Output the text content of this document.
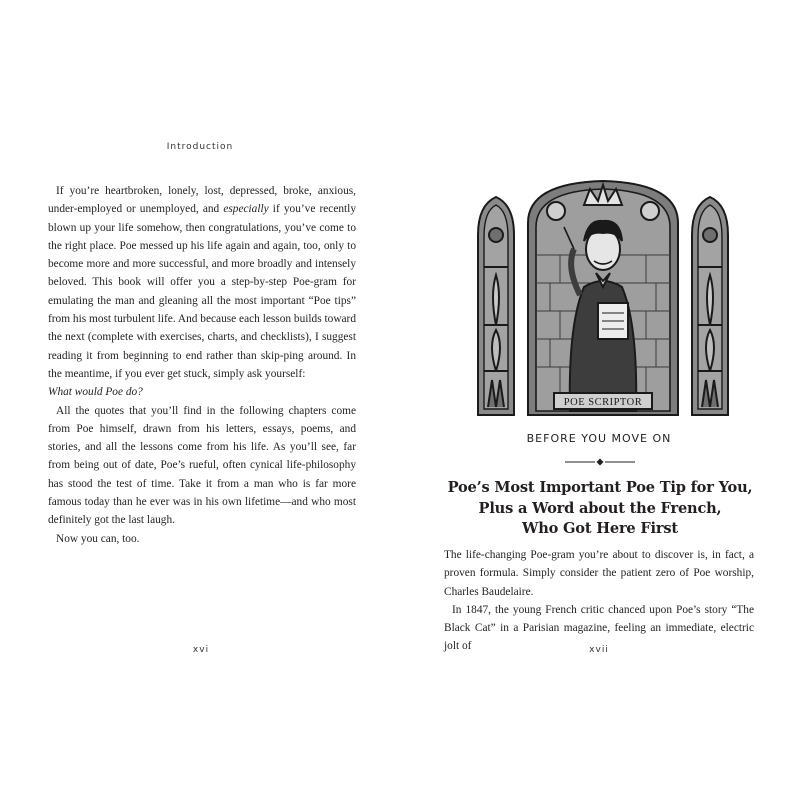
Introduction

If you’re heartbroken, lonely, lost, depressed, broke, anxious, under-employed or unemployed, and especially if you’ve recently blown up your life somehow, then congratulations, you’ve come to the right place. Poe messed up his life again and again, too, only to become more and more successful, and more broadly and intensely beloved. This book will offer you a step-by-step Poe-gram for emulating the man and gleaning all the most important “Poe tips” from his most turbulent life. And because each lesson builds toward the next (complete with exercises, charts, and checklists), I suggest reading it from beginning to end rather than skip-ping around. In the meantime, if you ever get stuck, simply ask yourself:

What would Poe do?

All the quotes that you’ll find in the following chapters come from Poe himself, drawn from his letters, essays, poems, and stories, and all the lessons come from his life. As you’ll see, far from being out of date, Poe’s rueful, often cynical life-philosophy has stood the test of time. Take it from a man who is far more famous today than he ever was in his own lifetime—and who most definitely got the last laugh.

Now you can, too.

xvi
POE SCRIPTOR
BEFORE YOU MOVE ON
Poe’s Most Important Poe Tip for You,
Plus a Word about the French,
Who Got Here First

The life-changing Poe-gram you’re about to discover is, in fact, a proven formula. Simply consider the patient zero of Poe worship, Charles Baudelaire.

In 1847, the young French critic chanced upon Poe’s story “The Black Cat” in a Parisian magazine, feeling an immediate, electric jolt of	xvii
